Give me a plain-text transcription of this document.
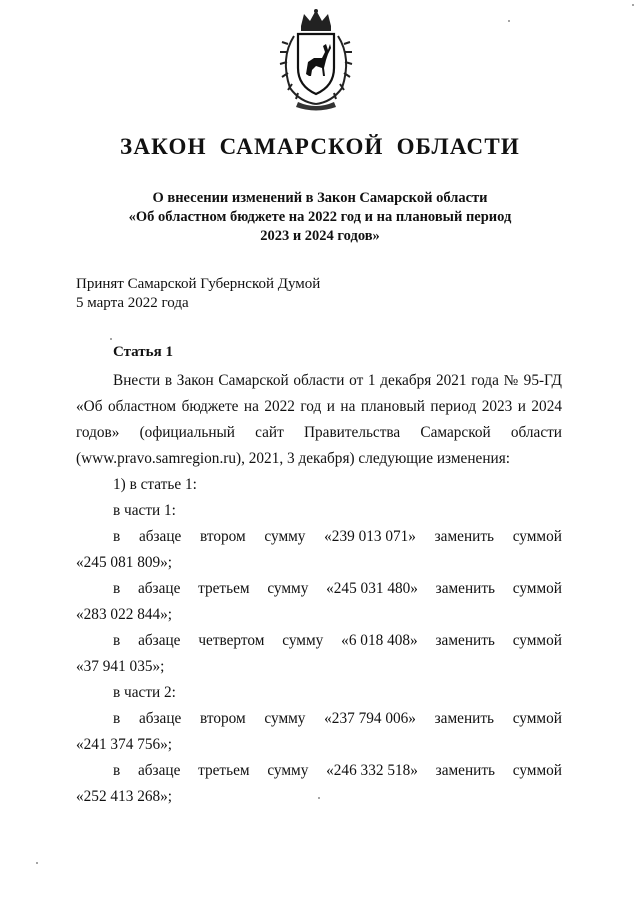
ЗАКОН САМАРСКОЙ ОБЛАСТИ
О внесении изменений в Закон Самарской области
«Об областном бюджете на 2022 год и на плановый период
2023 и 2024 годов»
Принят Самарской Губернской Думой
5 марта 2022 года
Статья 1

Внести в Закон Самарской области от 1 декабря 2021 года № 95-ГД «Об областном бюджете на 2022 год и на плановый период 2023 и 2024 годов» (официальный сайт Правительства Самарской области (www.pravo.samregion.ru), 2021, 3 декабря) следующие изменения:

1) в статье 1:

в части 1:

в абзаце втором сумму «239 013 071» заменить суммой

«245 081 809»;

в абзаце третьем сумму «245 031 480» заменить суммой

«283 022 844»;

в абзаце четвертом сумму «6 018 408» заменить суммой

«37 941 035»;

в части 2:

в абзаце втором сумму «237 794 006» заменить суммой

«241 374 756»;

в абзаце третьем сумму «246 332 518» заменить суммой

«252 413 268»;
